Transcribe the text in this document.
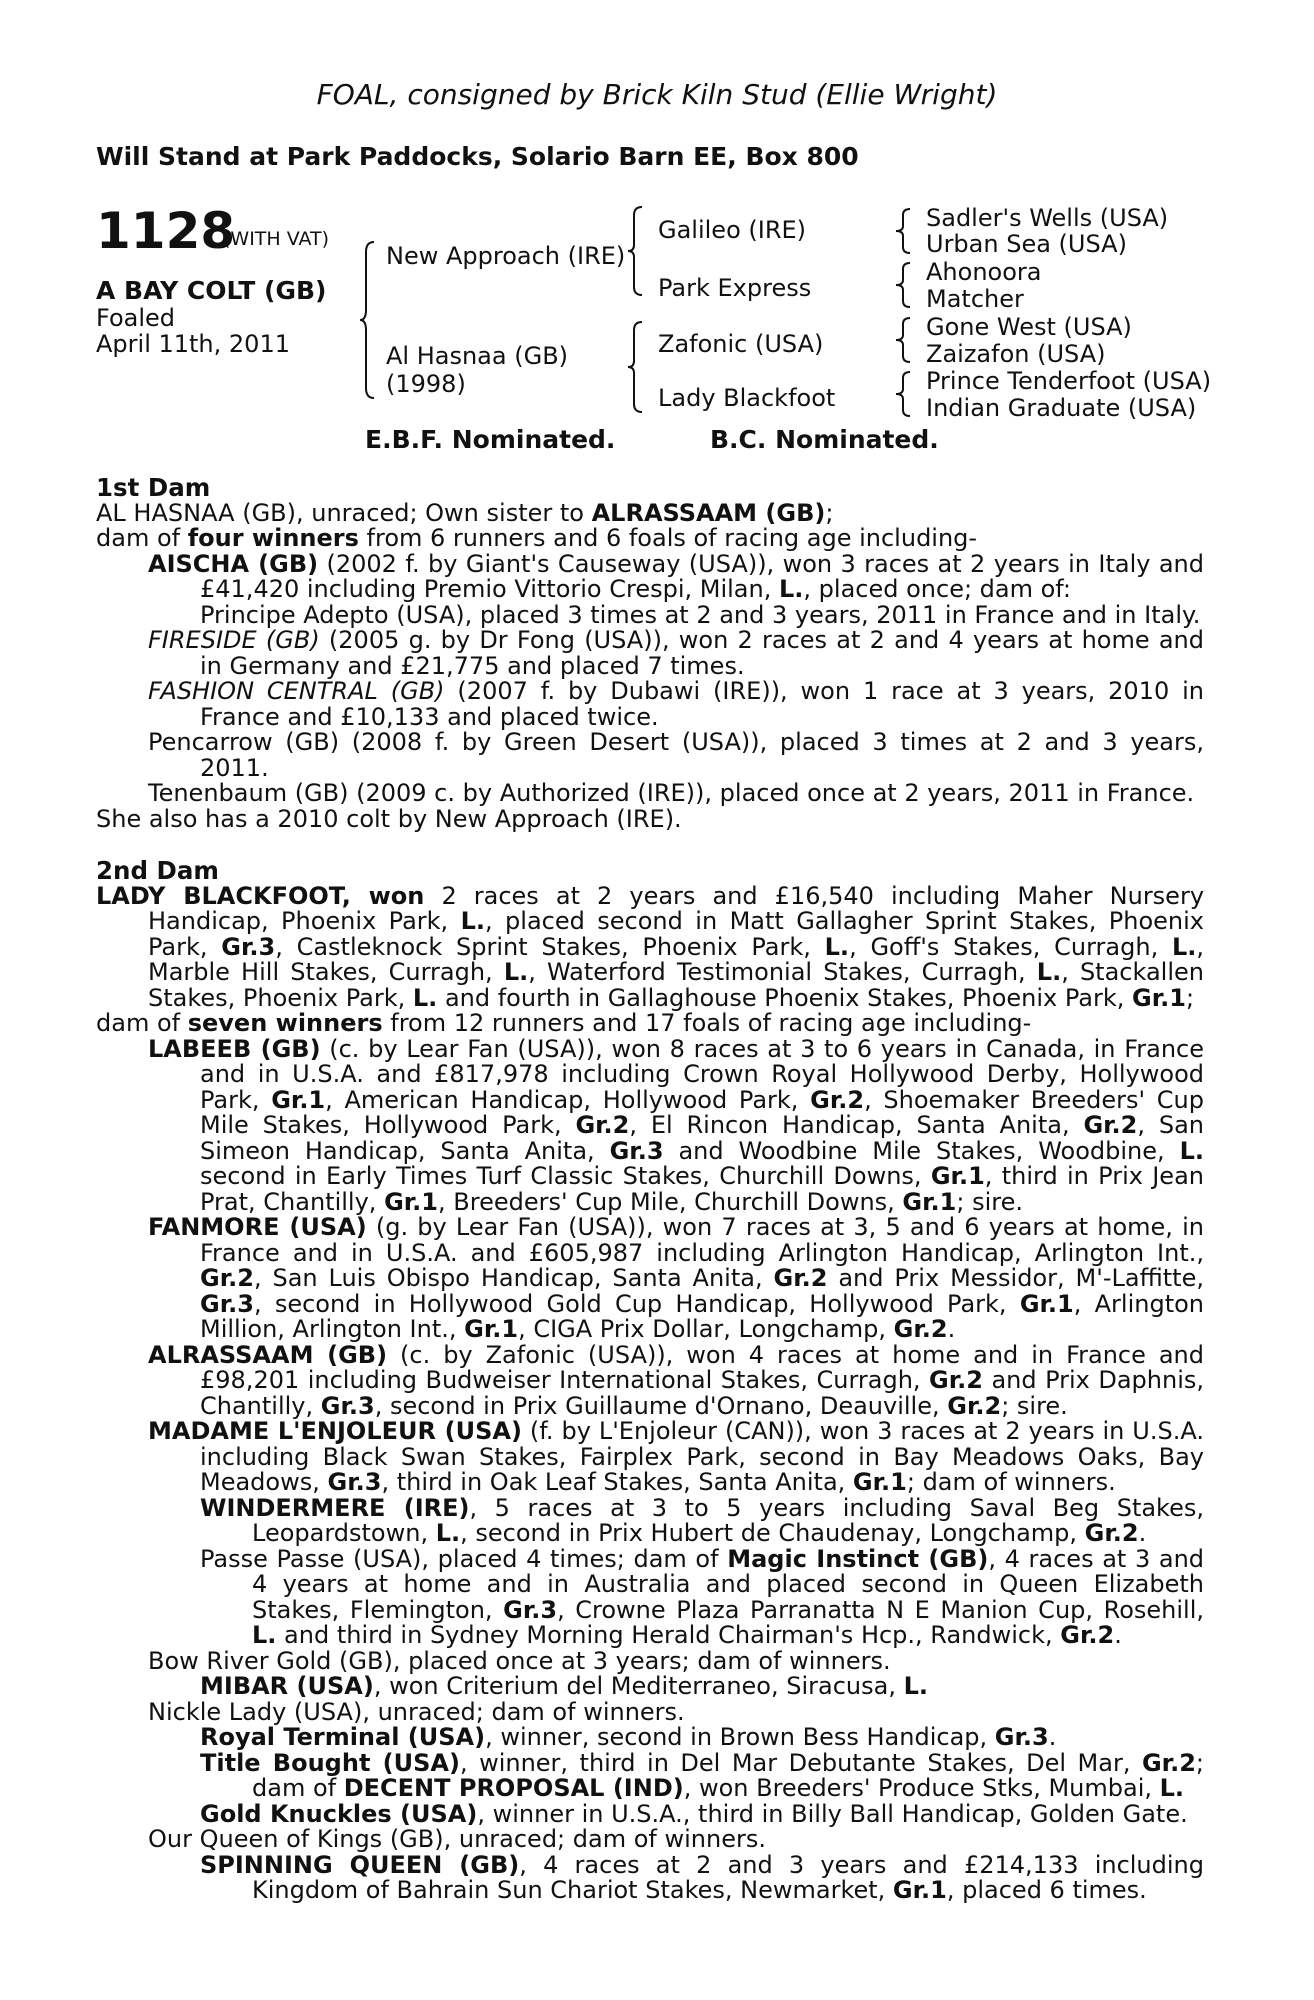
FOAL, consigned by Brick Kiln Stud (Ellie Wright)
Will Stand at Park Paddocks, Solario Barn EE, Box 800
1128
(WITH VAT)
A BAY COLT (GB)
Foaled
April 11th, 2011
New Approach (IRE)
Al Hasnaa (GB)
(1998)
Galileo (IRE)
Park Express
Zafonic (USA)
Lady Blackfoot
Sadler's Wells (USA)
Urban Sea (USA)
Ahonoora
Matcher
Gone West (USA)
Zaizafon (USA)
Prince Tenderfoot (USA)
Indian Graduate (USA)
E.B.F. Nominated.	B.C. Nominated.

1st Dam

AL HASNAA (GB), unraced; Own sister to ALRASSAAM (GB);

dam of four winners from 6 runners and 6 foals of racing age including-

AISCHA (GB) (2002 f. by Giant's Causeway (USA)), won 3 races at 2 years in Italy and £41,420 including Premio Vittorio Crespi, Milan, L., placed once; dam of:

Principe Adepto (USA), placed 3 times at 2 and 3 years, 2011 in France and in Italy.

FIRESIDE (GB) (2005 g. by Dr Fong (USA)), won 2 races at 2 and 4 years at home and in Germany and £21,775 and placed 7 times.

FASHION CENTRAL (GB) (2007 f. by Dubawi (IRE)), won 1 race at 3 years, 2010 in France and £10,133 and placed twice.

Pencarrow (GB) (2008 f. by Green Desert (USA)), placed 3 times at 2 and 3 years, 2011.

Tenenbaum (GB) (2009 c. by Authorized (IRE)), placed once at 2 years, 2011 in France.

She also has a 2010 colt by New Approach (IRE).

2nd Dam

LADY BLACKFOOT, won 2 races at 2 years and £16,540 including Maher Nursery Handicap, Phoenix Park, L., placed second in Matt Gallagher Sprint Stakes, Phoenix Park, Gr.3, Castleknock Sprint Stakes, Phoenix Park, L., Goff's Stakes, Curragh, L., Marble Hill Stakes, Curragh, L., Waterford Testimonial Stakes, Curragh, L., Stackallen Stakes, Phoenix Park, L. and fourth in Gallaghouse Phoenix Stakes, Phoenix Park, Gr.1;

dam of seven winners from 12 runners and 17 foals of racing age including-

LABEEB (GB) (c. by Lear Fan (USA)), won 8 races at 3 to 6 years in Canada, in France and in U.S.A. and £817,978 including Crown Royal Hollywood Derby, Hollywood Park, Gr.1, American Handicap, Hollywood Park, Gr.2, Shoemaker Breeders' Cup Mile Stakes, Hollywood Park, Gr.2, El Rincon Handicap, Santa Anita, Gr.2, San Simeon Handicap, Santa Anita, Gr.3 and Woodbine Mile Stakes, Woodbine, L. second in Early Times Turf Classic Stakes, Churchill Downs, Gr.1, third in Prix Jean Prat, Chantilly, Gr.1, Breeders' Cup Mile, Churchill Downs, Gr.1; sire.

FANMORE (USA) (g. by Lear Fan (USA)), won 7 races at 3, 5 and 6 years at home, in France and in U.S.A. and £605,987 including Arlington Handicap, Arlington Int., Gr.2, San Luis Obispo Handicap, Santa Anita, Gr.2 and Prix Messidor, M'-Laffitte, Gr.3, second in Hollywood Gold Cup Handicap, Hollywood Park, Gr.1, Arlington Million, Arlington Int., Gr.1, CIGA Prix Dollar, Longchamp, Gr.2.

ALRASSAAM (GB) (c. by Zafonic (USA)), won 4 races at home and in France and £98,201 including Budweiser International Stakes, Curragh, Gr.2 and Prix Daphnis, Chantilly, Gr.3, second in Prix Guillaume d'Ornano, Deauville, Gr.2; sire.

MADAME L'ENJOLEUR (USA) (f. by L'Enjoleur (CAN)), won 3 races at 2 years in U.S.A. including Black Swan Stakes, Fairplex Park, second in Bay Meadows Oaks, Bay Meadows, Gr.3, third in Oak Leaf Stakes, Santa Anita, Gr.1; dam of winners.

WINDERMERE (IRE), 5 races at 3 to 5 years including Saval Beg Stakes, Leopardstown, L., second in Prix Hubert de Chaudenay, Longchamp, Gr.2.

Passe Passe (USA), placed 4 times; dam of Magic Instinct (GB), 4 races at 3 and 4 years at home and in Australia and placed second in Queen Elizabeth Stakes, Flemington, Gr.3, Crowne Plaza Parranatta N E Manion Cup, Rosehill, L. and third in Sydney Morning Herald Chairman's Hcp., Randwick, Gr.2.

Bow River Gold (GB), placed once at 3 years; dam of winners.

MIBAR (USA), won Criterium del Mediterraneo, Siracusa, L.

Nickle Lady (USA), unraced; dam of winners.

Royal Terminal (USA), winner, second in Brown Bess Handicap, Gr.3.

Title Bought (USA), winner, third in Del Mar Debutante Stakes, Del Mar, Gr.2; dam of DECENT PROPOSAL (IND), won Breeders' Produce Stks, Mumbai, L.

Gold Knuckles (USA), winner in U.S.A., third in Billy Ball Handicap, Golden Gate.

Our Queen of Kings (GB), unraced; dam of winners.

SPINNING QUEEN (GB), 4 races at 2 and 3 years and £214,133 including Kingdom of Bahrain Sun Chariot Stakes, Newmarket, Gr.1, placed 6 times.
